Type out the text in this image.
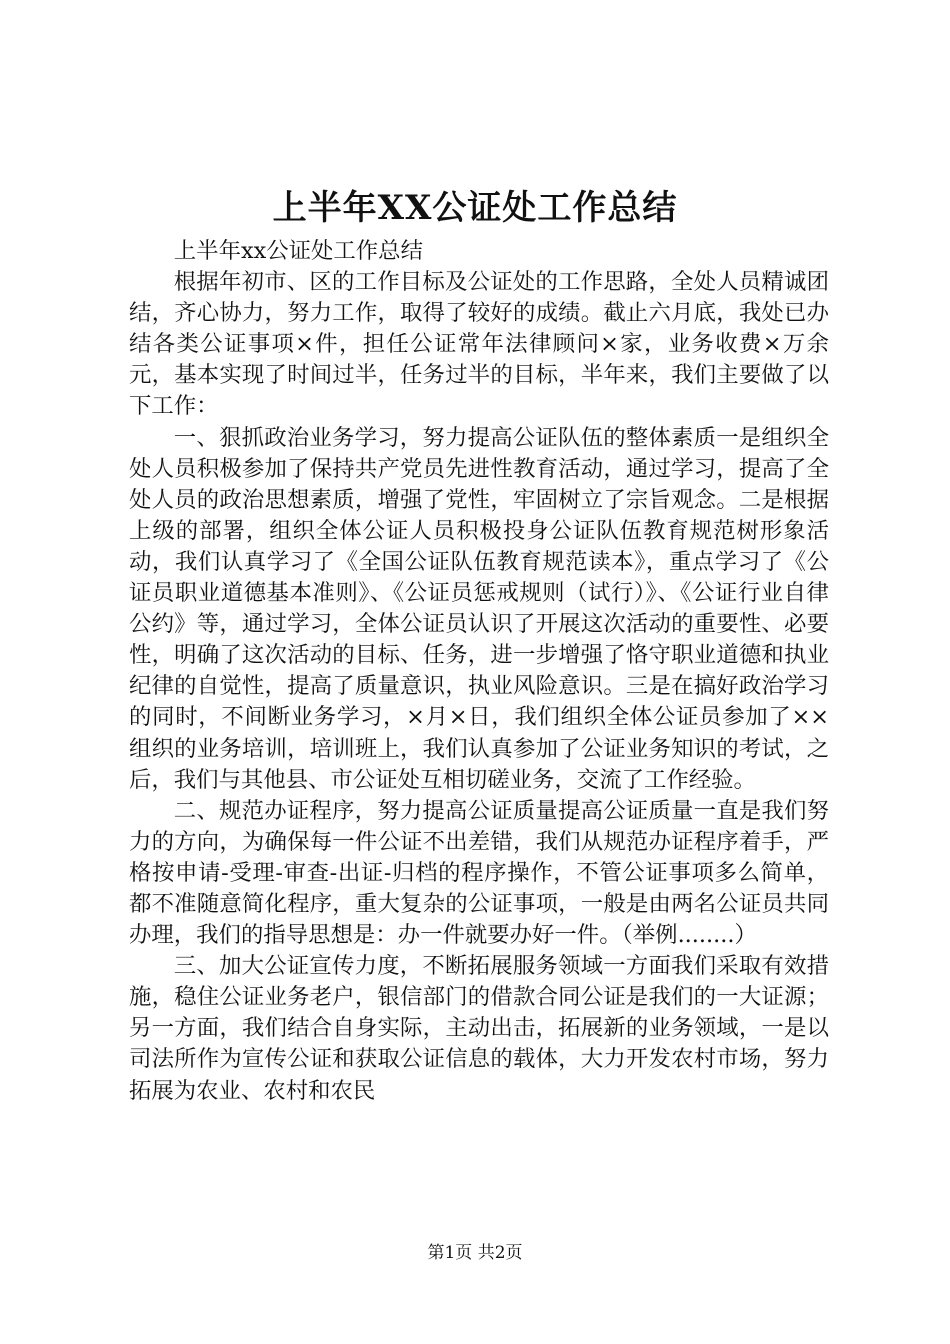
上半年XX公证处工作总结

上半年xx公证处工作总结

根据年初市、区的工作目标及公证处的工作思路，全处人员精诚团结，齐心协力，努力工作，取得了较好的成绩。截止六月底，我处已办结各类公证事项×件，担任公证常年法律顾问×家，业务收费×万余元，基本实现了时间过半，任务过半的目标，半年来，我们主要做了以下工作：

一、狠抓政治业务学习，努力提高公证队伍的整体素质一是组织全处人员积极参加了保持共产党员先进性教育活动，通过学习，提高了全处人员的政治思想素质，增强了党性，牢固树立了宗旨观念。二是根据上级的部署，组织全体公证人员积极投身公证队伍教育规范树形象活动，我们认真学习了《全国公证队伍教育规范读本》，重点学习了《公证员职业道德基本准则》、《公证员惩戒规则（试行）》、《公证行业自律公约》等，通过学习，全体公证员认识了开展这次活动的重要性、必要性，明确了这次活动的目标、任务，进一步增强了恪守职业道德和执业纪律的自觉性，提高了质量意识，执业风险意识。三是在搞好政治学习的同时，不间断业务学习，×月×日，我们组织全体公证员参加了××组织的业务培训，培训班上，我们认真参加了公证业务知识的考试，之后，我们与其他县、市公证处互相切磋业务，交流了工作经验。

二、规范办证程序，努力提高公证质量提高公证质量一直是我们努力的方向，为确保每一件公证不出差错，我们从规范办证程序着手，严格按申请-受理-审查-出证-归档的程序操作，不管公证事项多么简单，都不准随意简化程序，重大复杂的公证事项，一般是由两名公证员共同办理，我们的指导思想是：办一件就要办好一件。（举例........）

三、加大公证宣传力度，不断拓展服务领域一方面我们采取有效措施，稳住公证业务老户，银信部门的借款合同公证是我们的一大证源；另一方面，我们结合自身实际，主动出击，拓展新的业务领域，一是以司法所作为宣传公证和获取公证信息的载体，大力开发农村市场，努力拓展为农业、农村和农民

第1页 共2页
